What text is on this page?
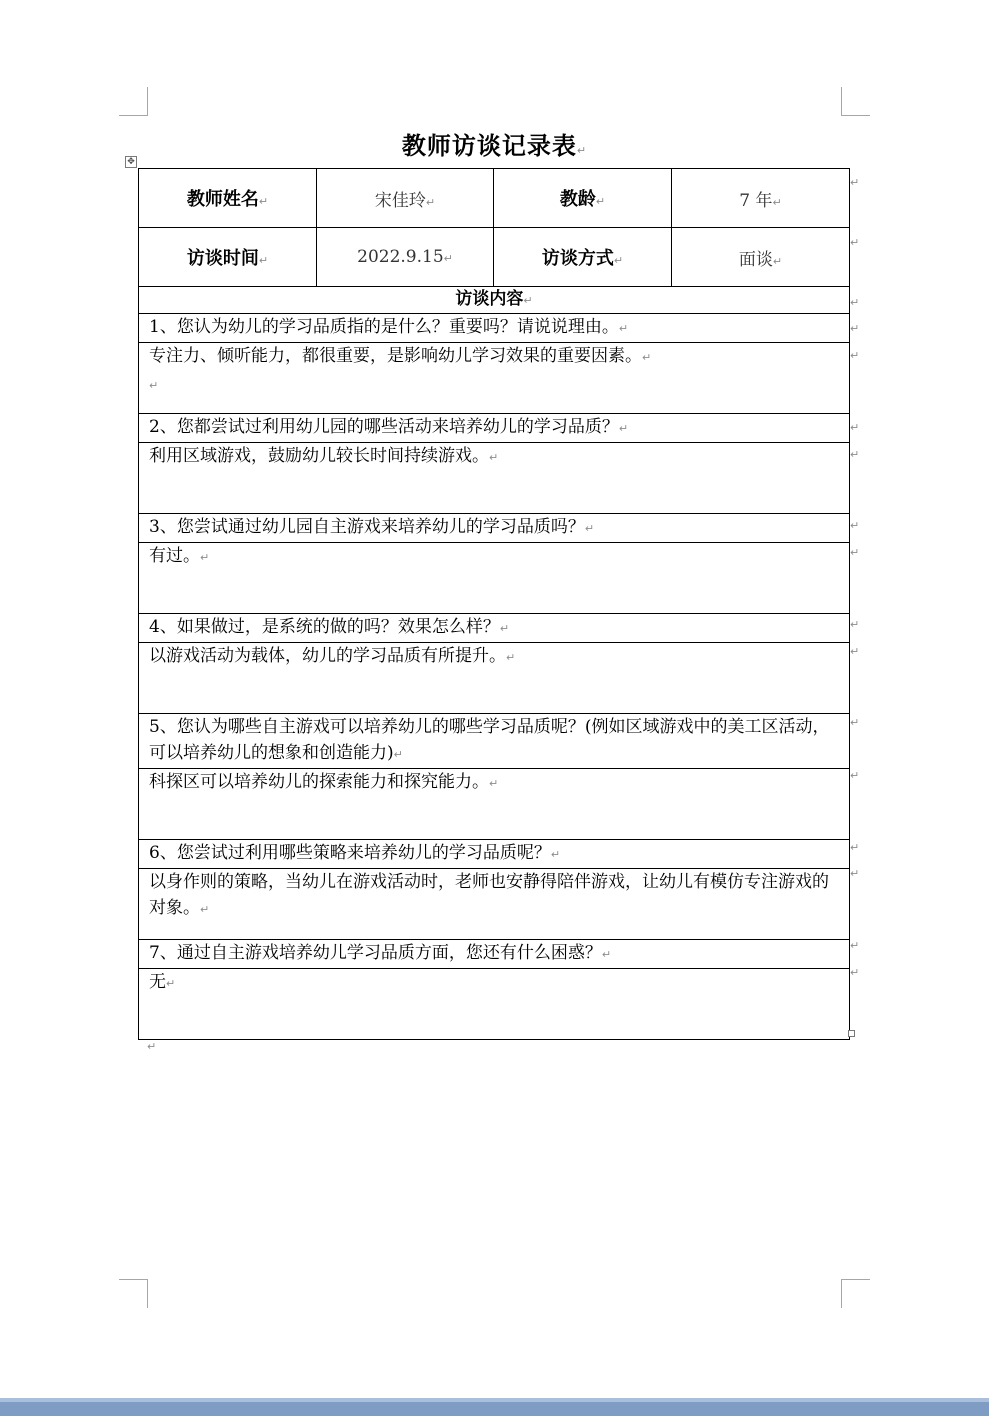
教师访谈记录表↵
✥
教师姓名↵	宋佳玲↵	教龄↵	7 年↵
访谈时间↵	2022.9.15↵	访谈方式↵	面谈↵
访谈内容↵			
1、您认为幼儿的学习品质指的是什么？重要吗？请说说理由。↵			
专注力、倾听能力，都很重要，是影响幼儿学习效果的重要因素。↵
↵			
2、您都尝试过利用幼儿园的哪些活动来培养幼儿的学习品质？↵			
利用区域游戏，鼓励幼儿较长时间持续游戏。↵			
3、您尝试通过幼儿园自主游戏来培养幼儿的学习品质吗？↵			
有过。↵			
4、如果做过，是系统的做的吗？效果怎么样？↵			
以游戏活动为载体，幼儿的学习品质有所提升。↵			
5、您认为哪些自主游戏可以培养幼儿的哪些学习品质呢？(例如区域游戏中的美工区活动，可以培养幼儿的想象和创造能力)↵			
科探区可以培养幼儿的探索能力和探究能力。↵			
6、您尝试过利用哪些策略来培养幼儿的学习品质呢？↵			
以身作则的策略，当幼儿在游戏活动时，老师也安静得陪伴游戏，让幼儿有模仿专注游戏的对象。↵			
7、通过自主游戏培养幼儿学习品质方面，您还有什么困惑？↵			
无↵			
↵
↵
↵
↵
↵
↵
↵
↵
↵
↵
↵
↵
↵
↵
↵
↵
↵
↵
